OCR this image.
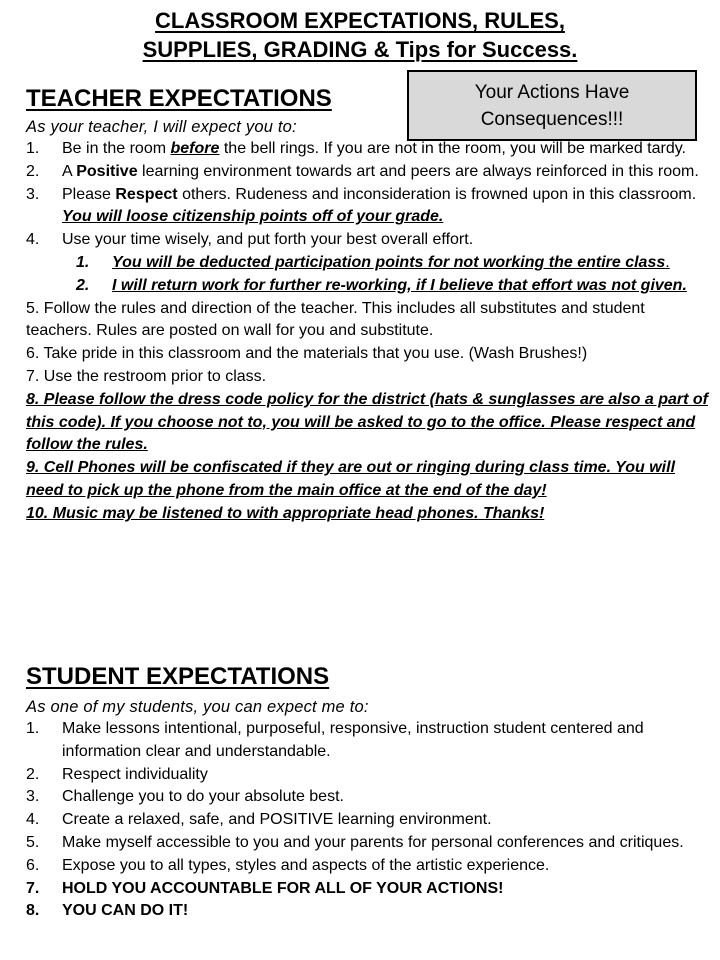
CLASSROOM EXPECTATIONS, RULES,
SUPPLIES, GRADING & Tips for Success.
Your Actions Have
Consequences!!!
TEACHER EXPECTATIONS
As your teacher, I will expect you to:
1. Be in the room before the bell rings. If you are not in the room, you will be marked tardy.
2. A Positive learning environment towards art and peers are always reinforced in this room.
3. Please Respect others. Rudeness and inconsideration is frowned upon in this classroom. You will loose citizenship points off of your grade.
4. Use your time wisely, and put forth your best overall effort.
1. You will be deducted participation points for not working the entire class.
2. I will return work for further re-working, if I believe that effort was not given.
5. Follow the rules and direction of the teacher. This includes all substitutes and student teachers. Rules are posted on wall for you and substitute.
6. Take pride in this classroom and the materials that you use. (Wash Brushes!)
7. Use the restroom prior to class.
8. Please follow the dress code policy for the district (hats & sunglasses are also a part of this code). If you choose not to, you will be asked to go to the office. Please respect and follow the rules.
9. Cell Phones will be confiscated if they are out or ringing during class time. You will need to pick up the phone from the main office at the end of the day!
10. Music may be listened to with appropriate head phones. Thanks!
STUDENT EXPECTATIONS
As one of my students, you can expect me to:
1. Make lessons intentional, purposeful, responsive, instruction student centered and information clear and understandable.
2. Respect individuality
3. Challenge you to do your absolute best.
4. Create a relaxed, safe, and POSITIVE learning environment.
5. Make myself accessible to you and your parents for personal conferences and critiques.
6. Expose you to all types, styles and aspects of the artistic experience.
7. HOLD YOU ACCOUNTABLE FOR ALL OF YOUR ACTIONS!
8. YOU CAN DO IT!
